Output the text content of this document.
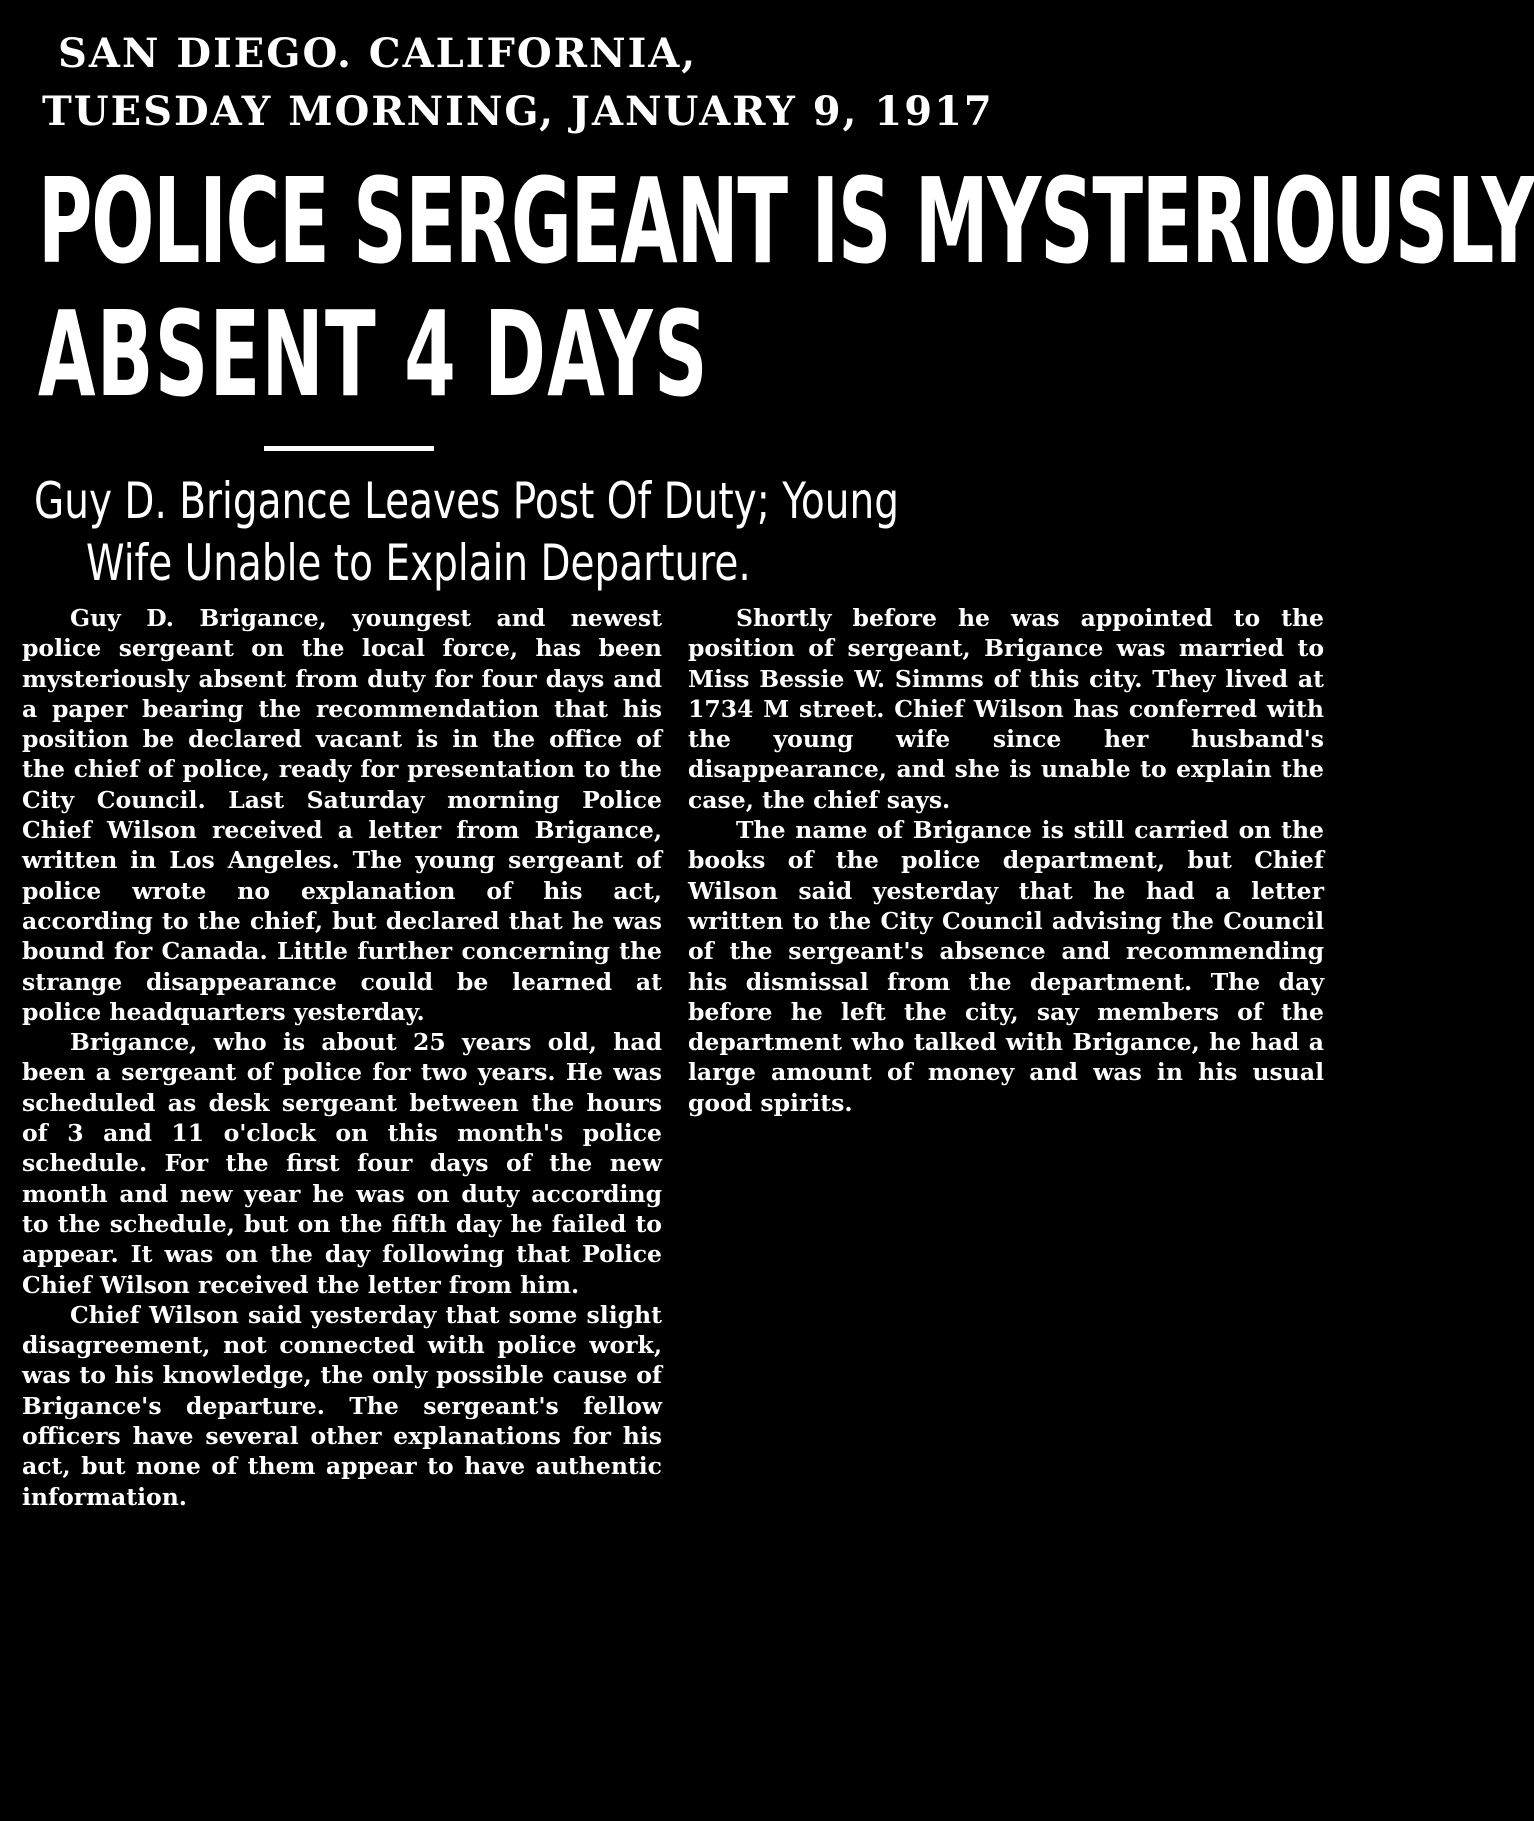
SAN DIEGO. CALIFORNIA,
TUESDAY MORNING, JANUARY 9, 1917
POLICE SERGEANT IS MYSTERIOUSLY
ABSENT 4 DAYS
Guy D. Brigance Leaves Post Of Duty; Young
Wife Unable to Explain Departure.

Guy D. Brigance, youngest and newest police sergeant on the local force, has been mysteriously absent from duty for four days and a paper bearing the recommendation that his position be declared vacant is in the office of the chief of police, ready for presentation to the City Council. Last Saturday morning Police Chief Wilson received a letter from Brigance, written in Los Angeles. The young sergeant of police wrote no explanation of his act, according to the chief, but declared that he was bound for Canada. Little further concerning the strange disappearance could be learned at police headquarters yesterday.

Brigance, who is about 25 years old, had been a sergeant of police for two years. He was scheduled as desk sergeant between the hours of 3 and 11 o'clock on this month's police schedule. For the first four days of the new month and new year he was on duty according to the schedule, but on the fifth day he failed to appear. It was on the day following that Police Chief Wilson received the letter from him.

Chief Wilson said yesterday that some slight disagreement, not connected with police work, was to his knowledge, the only possible cause of Brigance's departure. The sergeant's fellow officers have several other explanations for his act, but none of them appear to have authentic information.

Shortly before he was appointed to the position of sergeant, Brigance was married to Miss Bessie W. Simms of this city. They lived at 1734 M street. Chief Wilson has conferred with the young wife since her husband's disappearance, and she is unable to explain the case, the chief says.

The name of Brigance is still carried on the books of the police department, but Chief Wilson said yesterday that he had a letter written to the City Council advising the Council of the sergeant's absence and recommending his dismissal from the department. The day before he left the city, say members of the department who talked with Brigance, he had a large amount of money and was in his usual good spirits.
